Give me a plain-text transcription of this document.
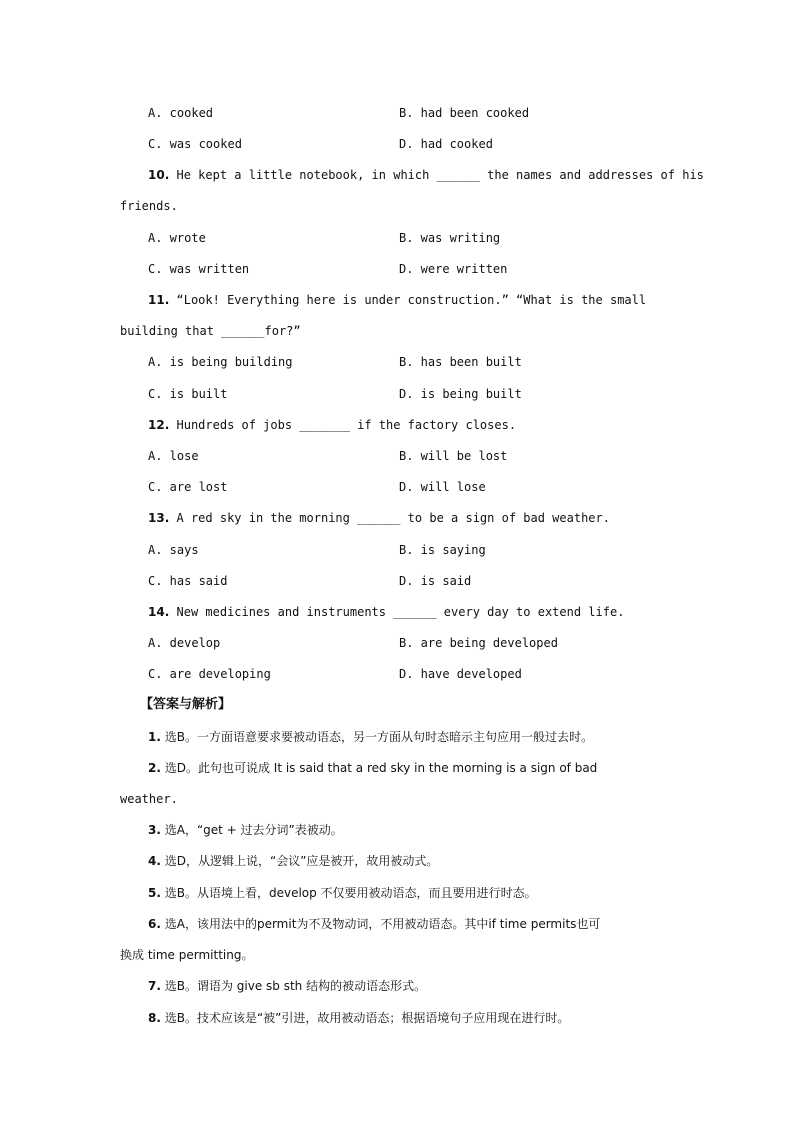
A. cooked	B. had been cooked
C. was cooked	D. had cooked
10. He kept a little notebook, in which ______ the names and addresses of his
friends.
A. wrote	B. was writing
C. was written	D. were written
11. “Look! Everything here is under construction.” “What is the small
building that ______for?”
A. is being building	B. has been built
C. is built	D. is being built
12. Hundreds of jobs _______ if the factory closes.
A. lose	B. will be lost
C. are lost	D. will lose
13. A red sky in the morning ______ to be a sign of bad weather.
A. says	B. is saying
C. has said	D. is said
14. New medicines and instruments ______ every day to extend life.
A. develop	B. are being developed
C. are developing	D. have developed
【答案与解析】
1. 选B。一方面语意要求要被动语态，另一方面从句时态暗示主句应用一般过去时。
2. 选D。此句也可说成 It is said that a red sky in the morning is a sign of bad
weather.
3. 选A，“get + 过去分词”表被动。
4. 选D，从逻辑上说，“会议”应是被开，故用被动式。
5. 选B。从语境上看，develop 不仅要用被动语态，而且要用进行时态。
6. 选A，该用法中的permit为不及物动词，不用被动语态。其中if time permits也可
换成 time permitting。
7. 选B。谓语为 give sb sth 结构的被动语态形式。
8. 选B。技术应该是“被”引进，故用被动语态；根据语境句子应用现在进行时。
